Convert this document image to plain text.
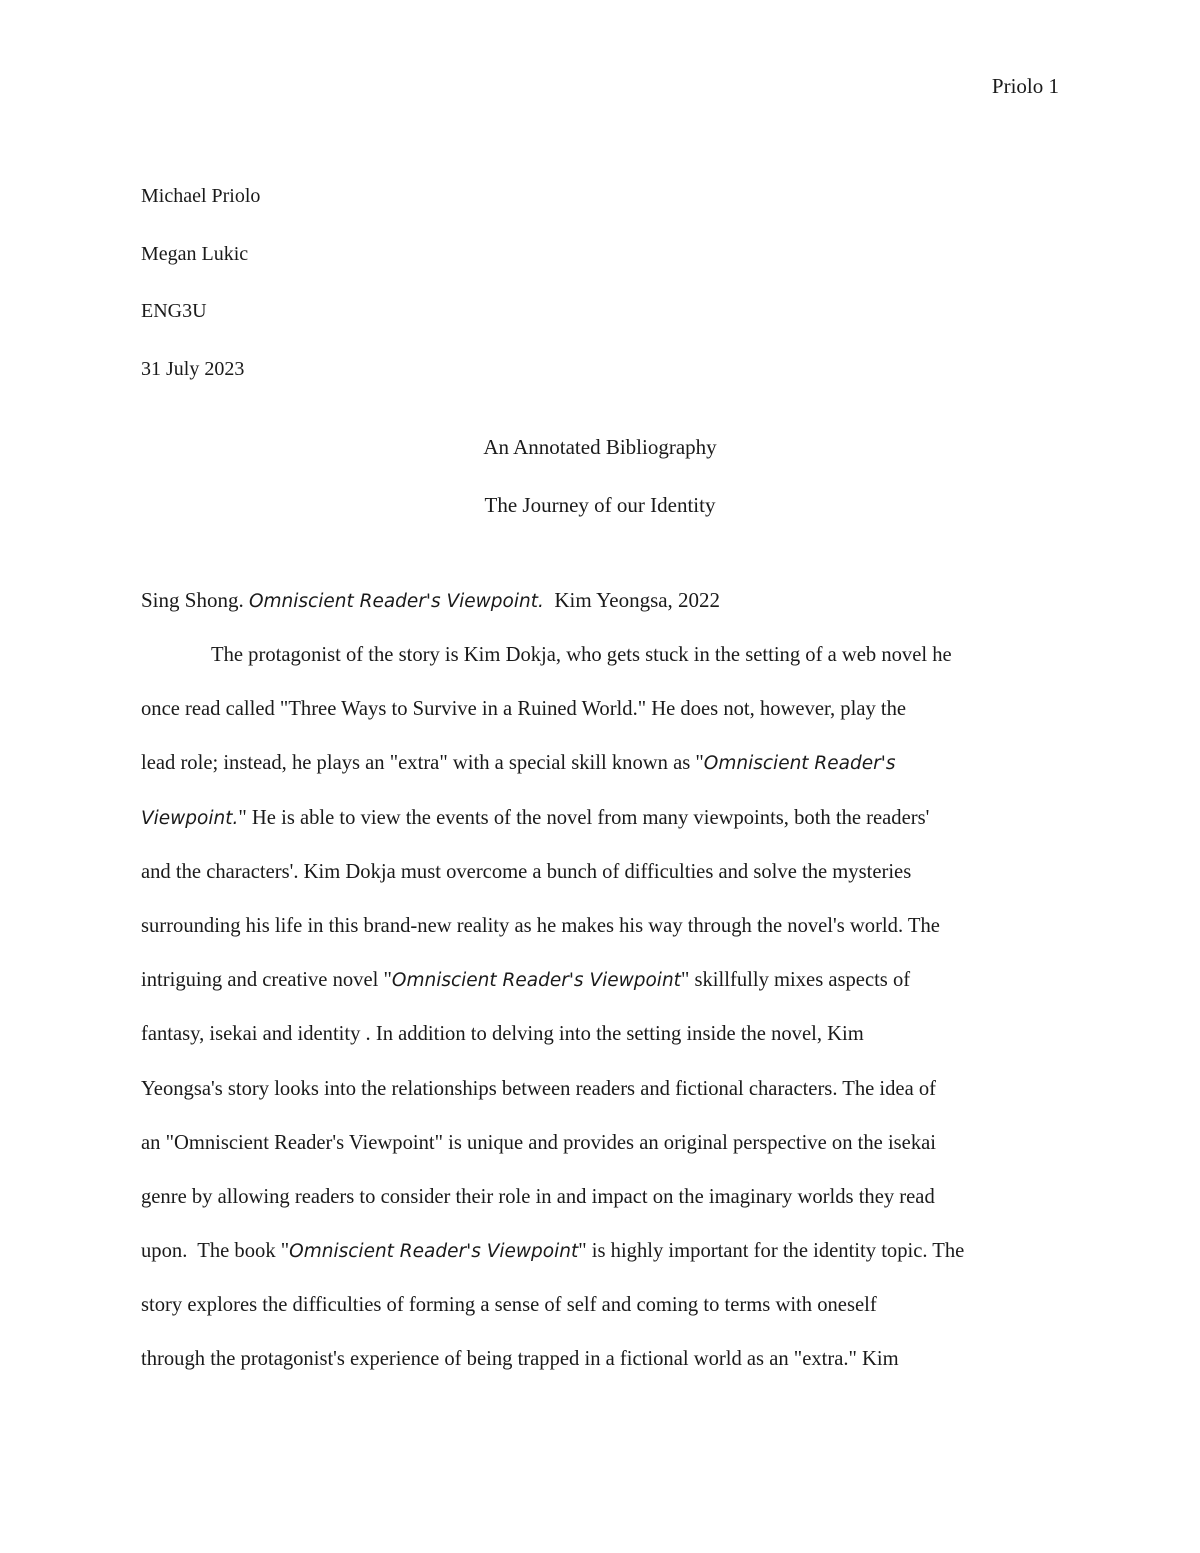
Priolo 1
Michael Priolo
Megan Lukic
ENG3U
31 July 2023
An Annotated Bibliography
The Journey of our Identity
Sing Shong. Omniscient Reader's Viewpoint. Kim Yeongsa, 2022
The protagonist of the story is Kim Dokja, who gets stuck in the setting of a web novel he
once read called "Three Ways to Survive in a Ruined World." He does not, however, play the
lead role; instead, he plays an "extra" with a special skill known as "Omniscient Reader's
Viewpoint." He is able to view the events of the novel from many viewpoints, both the readers'
and the characters'. Kim Dokja must overcome a bunch of difficulties and solve the mysteries
surrounding his life in this brand-new reality as he makes his way through the novel's world. The
intriguing and creative novel "Omniscient Reader's Viewpoint" skillfully mixes aspects of
fantasy, isekai and identity . In addition to delving into the setting inside the novel, Kim
Yeongsa's story looks into the relationships between readers and fictional characters. The idea of
an "Omniscient Reader's Viewpoint" is unique and provides an original perspective on the isekai
genre by allowing readers to consider their role in and impact on the imaginary worlds they read
upon.  The book "Omniscient Reader's Viewpoint" is highly important for the identity topic. The
story explores the difficulties of forming a sense of self and coming to terms with oneself
through the protagonist's experience of being trapped in a fictional world as an "extra." Kim
